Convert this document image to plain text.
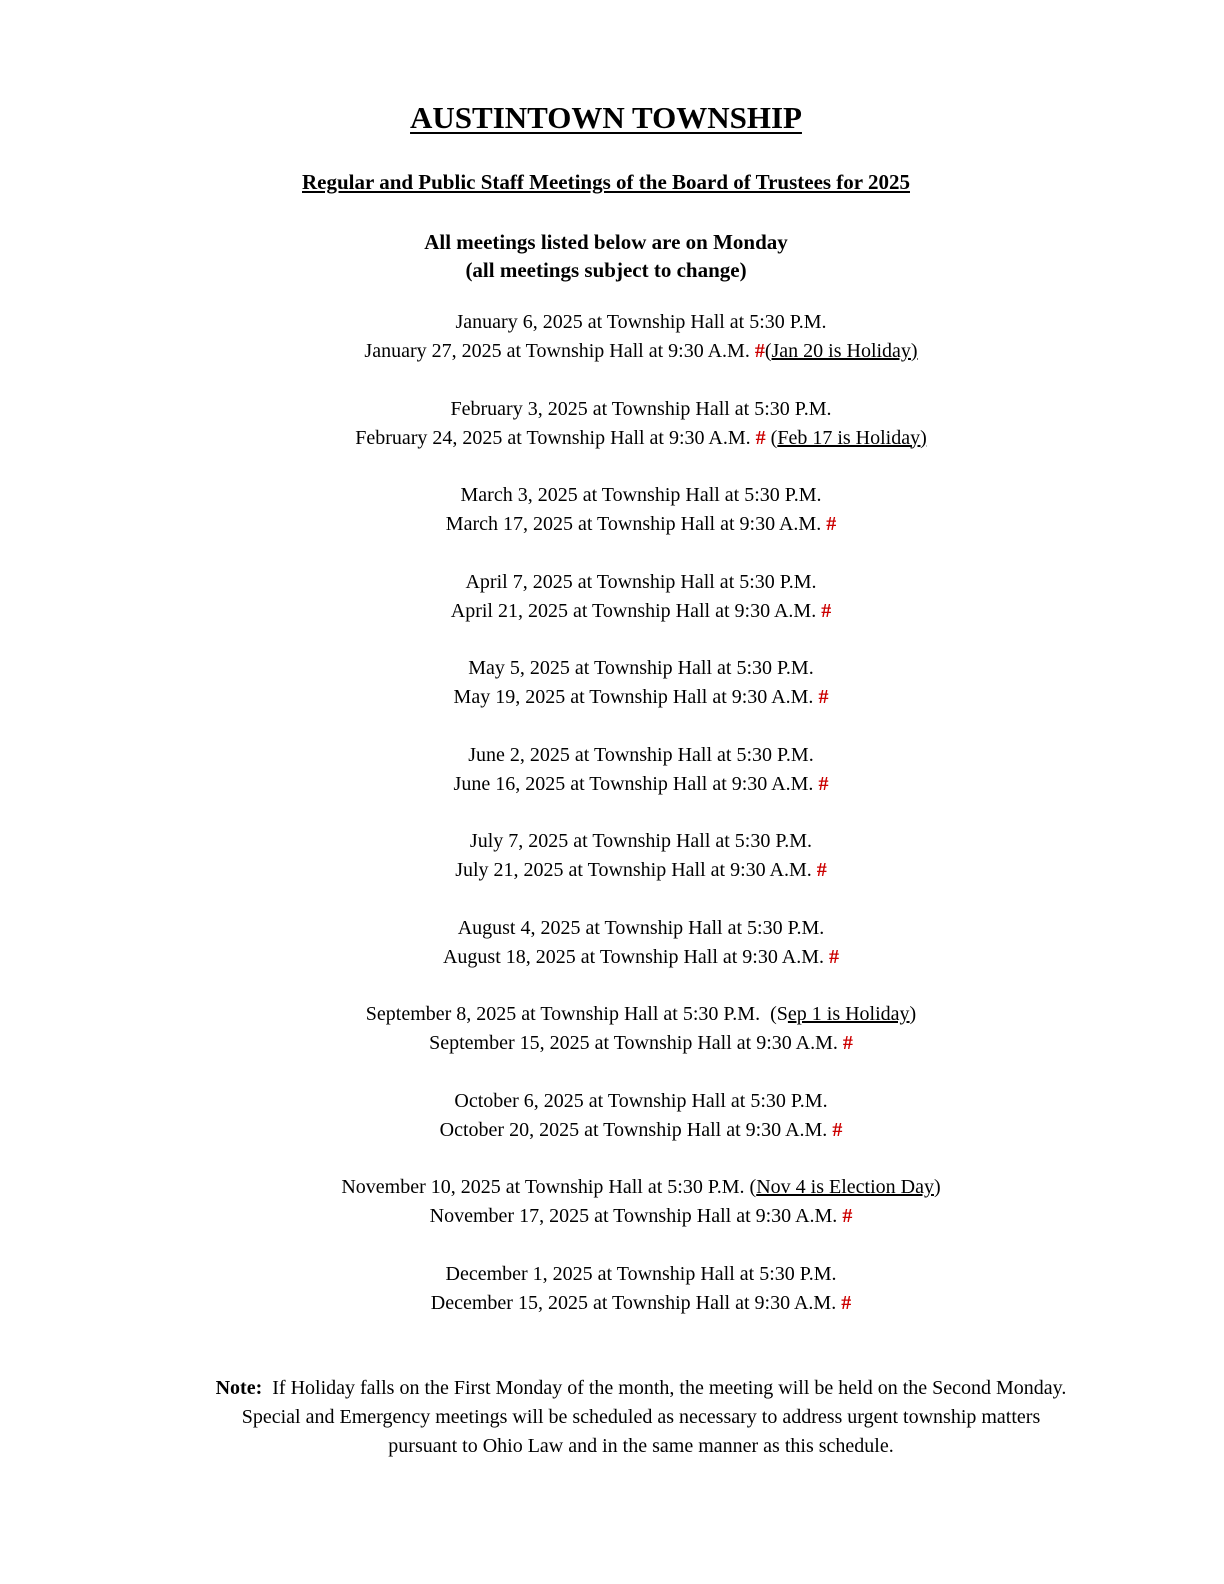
AUSTINTOWN TOWNSHIP
Regular and Public Staff Meetings of the Board of Trustees for 2025
All meetings listed below are on Monday
(all meetings subject to change)
January 6, 2025 at Township Hall at 5:30 P.M.
January 27, 2025 at Township Hall at 9:30 A.M. #(Jan 20 is Holiday)
February 3, 2025 at Township Hall at 5:30 P.M.
February 24, 2025 at Township Hall at 9:30 A.M. # (Feb 17 is Holiday)
March 3, 2025 at Township Hall at 5:30 P.M.
March 17, 2025 at Township Hall at 9:30 A.M. #
April 7, 2025 at Township Hall at 5:30 P.M.
April 21, 2025 at Township Hall at 9:30 A.M. #
May 5, 2025 at Township Hall at 5:30 P.M.
May 19, 2025 at Township Hall at 9:30 A.M. #
June 2, 2025 at Township Hall at 5:30 P.M.
June 16, 2025 at Township Hall at 9:30 A.M. #
July 7, 2025 at Township Hall at 5:30 P.M.
July 21, 2025 at Township Hall at 9:30 A.M. #
August 4, 2025 at Township Hall at 5:30 P.M.
August 18, 2025 at Township Hall at 9:30 A.M. #
September 8, 2025 at Township Hall at 5:30 P.M.  (Sep 1 is Holiday)
September 15, 2025 at Township Hall at 9:30 A.M. #
October 6, 2025 at Township Hall at 5:30 P.M.
October 20, 2025 at Township Hall at 9:30 A.M. #
November 10, 2025 at Township Hall at 5:30 P.M. (Nov 4 is Election Day)
November 17, 2025 at Township Hall at 9:30 A.M. #
December 1, 2025 at Township Hall at 5:30 P.M.
December 15, 2025 at Township Hall at 9:30 A.M. #
Note: If Holiday falls on the First Monday of the month, the meeting will be held on the Second Monday.
Special and Emergency meetings will be scheduled as necessary to address urgent township matters pursuant to Ohio Law and in the same manner as this schedule.
